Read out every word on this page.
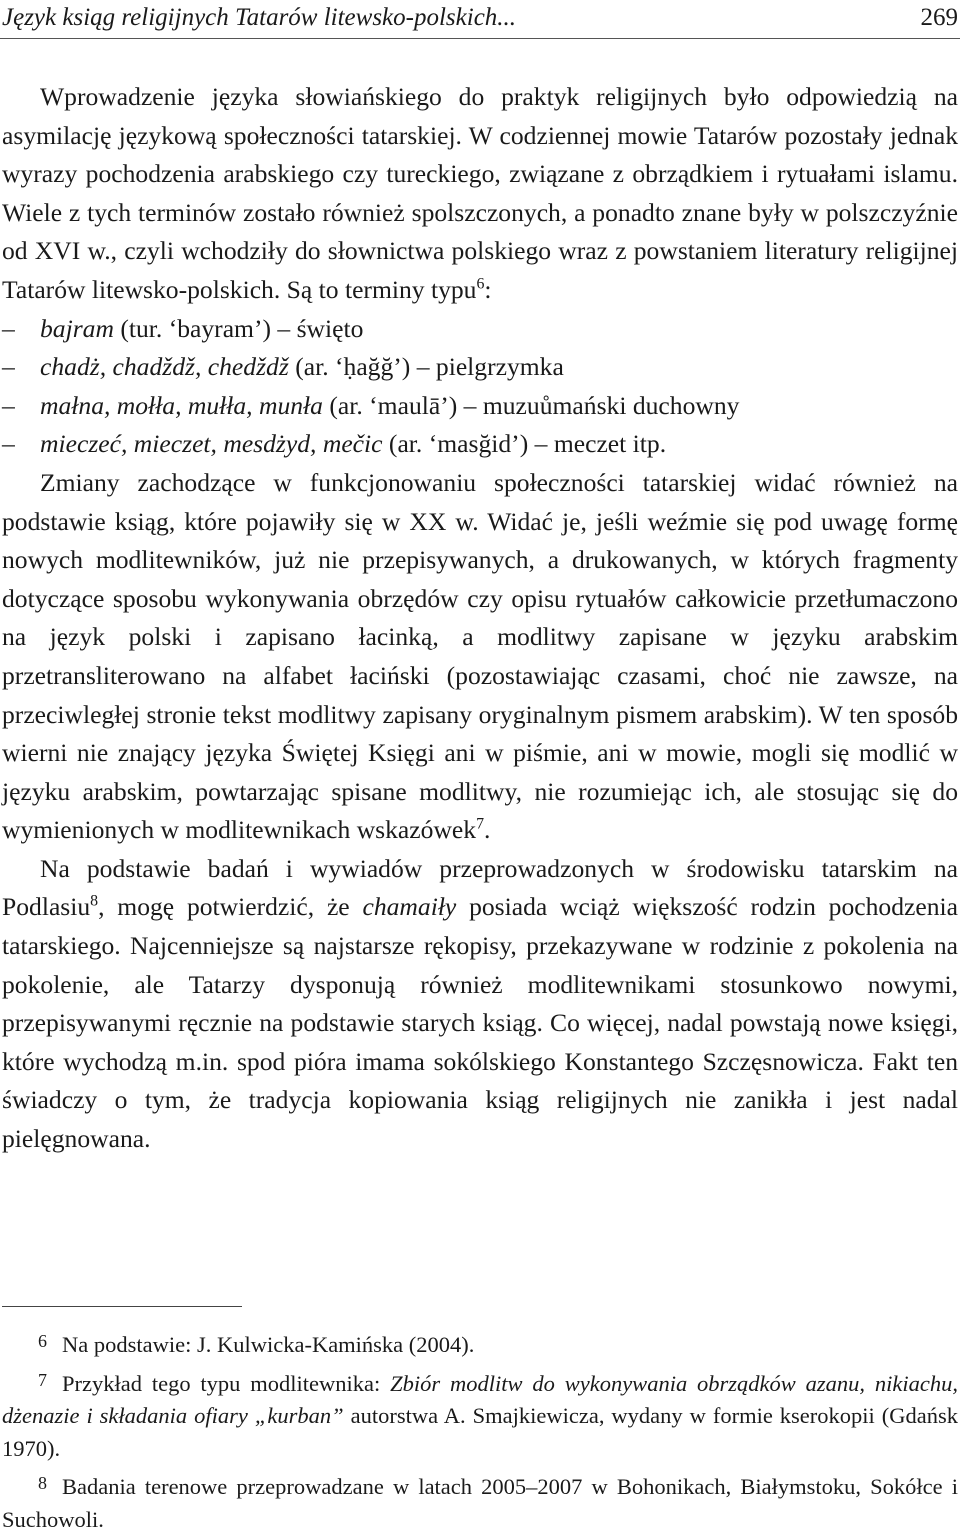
Język ksiąg religijnych Tatarów litewsko-polskich...	269

Wprowadzenie języka słowiańskiego do praktyk religijnych było odpowiedzią na asymilację językową społeczności tatarskiej. W codziennej mowie Tatarów pozostały jednak wyrazy pochodzenia arabskiego czy tureckiego, związane z obrządkiem i rytuałami islamu. Wiele z tych terminów zostało również spolszczonych, a ponadto znane były w polszczyźnie od XVI w., czyli wchodziły do słownictwa polskiego wraz z powstaniem literatury religijnej Tatarów litewsko-polskich. Są to terminy typu$^6$:

– bajram (tur. ‘bayram’) – święto

– chadż, chadždž, chedždž (ar. ‘ḥağğ’) – pielgrzymka

– małna, mołła, mułła, munła (ar. ‘maulā’) – muzuůmański duchowny

– mieczeć, mieczet, mesdżyd, mečic (ar. ‘masğid’) – meczet itp.

Zmiany zachodzące w funkcjonowaniu społeczności tatarskiej widać również na podstawie ksiąg, które pojawiły się w XX w. Widać je, jeśli weźmie się pod uwagę formę nowych modlitewników, już nie przepisywanych, a drukowanych, w których fragmenty dotyczące sposobu wykonywania obrzędów czy opisu rytuałów całkowicie przetłumaczono na język polski i zapisano łacinką, a modlitwy zapisane w języku arabskim przetransliterowano na alfabet łaciński (pozostawiając czasami, choć nie zawsze, na przeciwległej stronie tekst modlitwy zapisany oryginalnym pismem arabskim). W ten sposób wierni nie znający języka Świętej Księgi ani w piśmie, ani w mowie, mogli się modlić w języku arabskim, powtarzając spisane modlitwy, nie rozumiejąc ich, ale stosując się do wymienionych w modlitewnikach wskazówek$^7$.

Na podstawie badań i wywiadów przeprowadzonych w środowisku tatarskim na Podlasiu$^8$, mogę potwierdzić, że chamaiły posiada wciąż większość rodzin pochodzenia tatarskiego. Najcenniejsze są najstarsze rękopisy, przekazywane w rodzinie z pokolenia na pokolenie, ale Tatarzy dysponują również modlitewnikami stosunkowo nowymi, przepisywanymi ręcznie na podstawie starych ksiąg. Co więcej, nadal powstają nowe księgi, które wychodzą m.in. spod pióra imama sokólskiego Konstantego Szczęsnowicza. Fakt ten świadczy o tym, że tradycja kopiowania ksiąg religijnych nie zanikła i jest nadal pielęgnowana.

6 Na podstawie: J. Kulwicka-Kamińska (2004).

7 Przykład tego typu modlitewnika: Zbiór modlitw do wykonywania obrządków azanu, nikiachu, dżenazie i składania ofiary „kurban” autorstwa A. Smajkiewicza, wydany w formie kserokopii (Gdańsk 1970).

8 Badania terenowe przeprowadzane w latach 2005–2007 w Bohonikach, Białymstoku, Sokółce i Suchowoli.
